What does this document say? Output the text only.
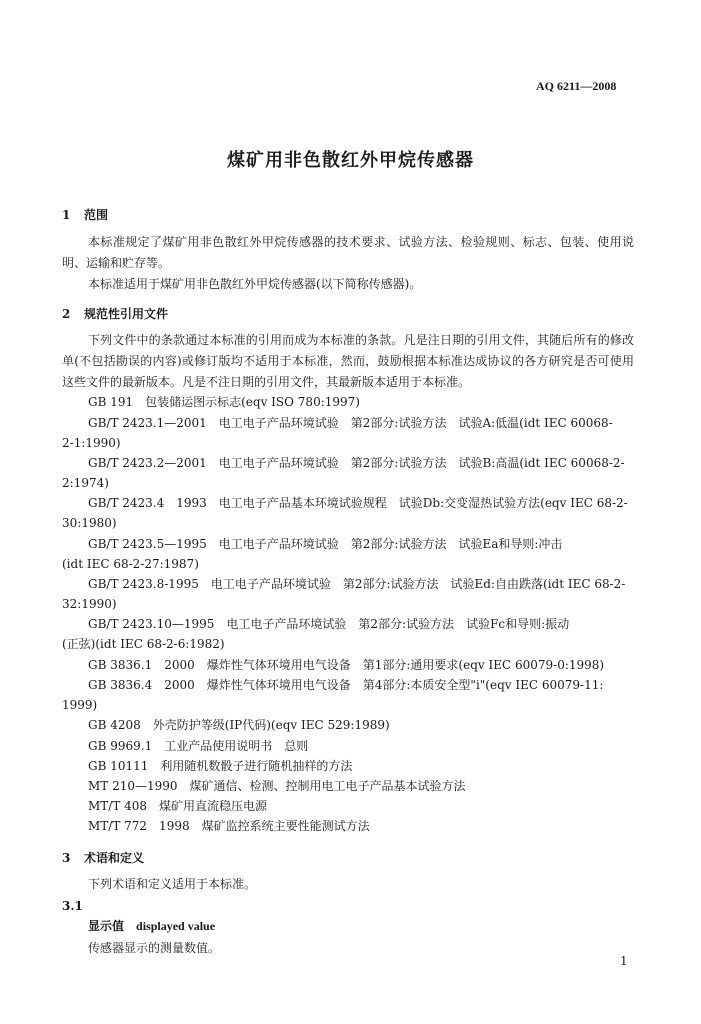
AQ 6211—2008
煤矿用非色散红外甲烷传感器
1 范围
本标准规定了煤矿用非色散红外甲烷传感器的技术要求、试验方法、检验规则、标志、包装、使用说明、运输和贮存等。
本标准适用于煤矿用非色散红外甲烷传感器(以下简称传感器)。
2 规范性引用文件
下列文件中的条款通过本标准的引用而成为本标准的条款。凡是注日期的引用文件，其随后所有的修改单(不包括勘误的内容)或修订版均不适用于本标准，然而，鼓励根据本标准达成协议的各方研究是否可使用这些文件的最新版本。凡是不注日期的引用文件，其最新版本适用于本标准。
GB 191　包装储运图示标志(eqv ISO 780:1997)
GB/T 2423.1—2001　电工电子产品环境试验　第2部分:试验方法　试验A:低温(idt IEC 60068-
2-1:1990)
GB/T 2423.2—2001　电工电子产品环境试验　第2部分:试验方法　试验B:高温(idt IEC 60068-2-
2:1974)
GB/T 2423.4　1993　电工电子产品基本环境试验规程　试验Db:交变湿热试验方法(eqv IEC 68-2-
30:1980)
GB/T 2423.5—1995　电工电子产品环境试验　第2部分:试验方法　试验Ea和导则:冲击
(idt IEC 68-2-27:1987)
GB/T 2423.8-1995　电工电子产品环境试验　第2部分:试验方法　试验Ed:自由跌落(idt IEC 68-2-
32:1990)
GB/T 2423.10—1995　电工电子产品环境试验　第2部分:试验方法　试验Fc和导则:振动
(正弦)(idt IEC 68-2-6:1982)
GB 3836.1　2000　爆炸性气体环境用电气设备　第1部分:通用要求(eqv IEC 60079-0:1998)
GB 3836.4　2000　爆炸性气体环境用电气设备　第4部分:本质安全型"i"(eqv IEC 60079-11:
1999)
GB 4208　外壳防护等级(IP代码)(eqv IEC 529:1989)
GB 9969.1　工业产品使用说明书　总则
GB 10111　利用随机数骰子进行随机抽样的方法
MT 210—1990　煤矿通信、检测、控制用电工电子产品基本试验方法
MT/T 408　煤矿用直流稳压电源
MT/T 772　1998　煤矿监控系统主要性能测试方法
3 术语和定义
下列术语和定义适用于本标准。
3.1
显示值 displayed value
传感器显示的测量数值。
1
